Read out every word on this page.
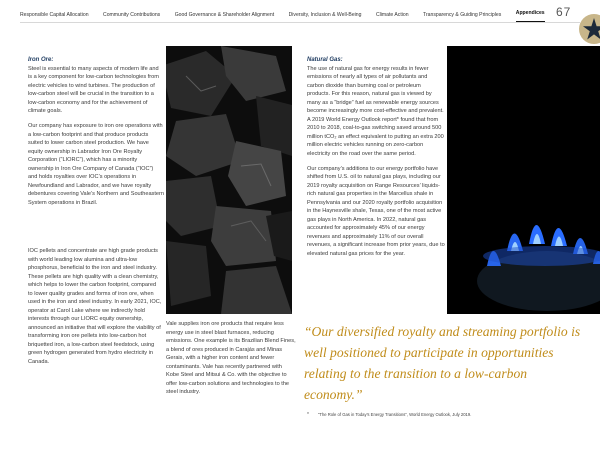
Responsible Capital Allocation	Community Contributions	Good Governance & Shareholder Alignment	Diversity, Inclusion & Well-Being	Climate Action	Transparency & Guiding Principles	Appendices 67
Iron Ore:

Steel is essential to many aspects of modern life and is a key component for low-carbon technologies from electric vehicles to wind turbines. The production of low-carbon steel will be crucial in the transition to a low-carbon economy and for the achievement of climate goals.

Our company has exposure to iron ore operations with a low-carbon footprint and that produce products suited to lower carbon steel production. We have equity ownership in Labrador Iron Ore Royalty Corporation (“LIORC”), which has a minority ownership in Iron Ore Company of Canada (“IOC”) and holds royalties over IOC’s operations in Newfoundland and Labrador, and we have royalty debentures covering Vale’s Northern and Southeastern System operations in Brazil.

IOC pellets and concentrate are high grade products with world leading low alumina and ultra-low phosphorus, beneficial to the iron and steel industry. These pellets are high quality with a clean chemistry, which helps to lower the carbon footprint, compared to lower quality grades and forms of iron ore, when used in the iron and steel industry. In early 2021, IOC, operator at Carol Lake where we indirectly hold interests through our LIORC equity ownership, announced an initiative that will explore the viability of transforming iron ore pellets into low-carbon hot briquetted iron, a low-carbon steel feedstock, using green hydrogen generated from hydro electricity in Canada.

Vale supplies iron ore products that require less energy use in steel blast furnaces, reducing emissions. One example is its Brazilian Blend Fines, a blend of ores produced in Carajás and Minas Gerais, with a higher iron content and fewer contaminants. Vale has recently partnered with Kobe Steel and Mitsui & Co. with the objective to offer low-carbon solutions and technologies to the steel industry.

Natural Gas:

The use of natural gas for energy results in fewer emissions of nearly all types of air pollutants and carbon dioxide than burning coal or petroleum products. For this reason, natural gas is viewed by many as a “bridge” fuel as renewable energy sources become increasingly more cost-effective and prevalent. A 2019 World Energy Outlook report* found that from 2010 to 2018, coal-to-gas switching saved around 500 million tCO₂ an effect equivalent to putting an extra 200 million electric vehicles running on zero-carbon electricity on the road over the same period.

Our company’s additions to our energy portfolio have shifted from U.S. oil to natural gas plays, including our 2019 royalty acquisition on Range Resources’ liquids-rich natural gas properties in the Marcellus shale in Pennsylvania and our 2020 royalty portfolio acquisition in the Haynesville shale, Texas, one of the most active gas plays in North America. In 2022, natural gas accounted for approximately 45% of our energy revenues and approximately 11% of our overall revenues, a significant increase from prior years, due to elevated natural gas prices for the year.

“Our diversified royalty and streaming portfolio is well positioned to participate in opportunities relating to the transition to a low-carbon economy.”
* “The Role of Gas in Today’s Energy Transitions”, World Energy Outlook, July 2019.
